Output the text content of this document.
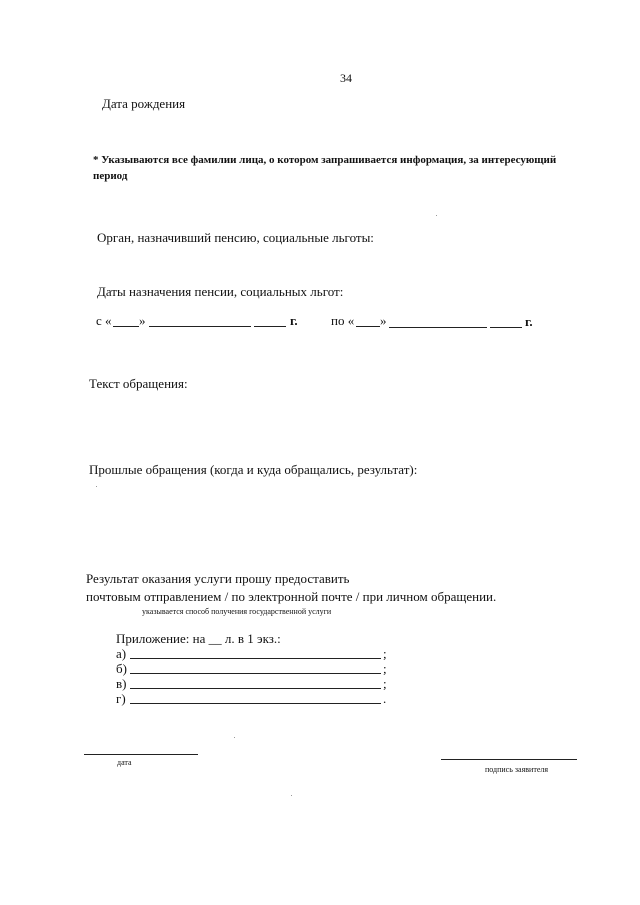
34
Дата рождения
* Указываются все фамилии лица, о котором запрашивается информация, за интересующий
период
Орган, назначивший пенсию, социальные льготы:
Даты назначения пенсии, социальных льгот:
с « »	г.	по « »	г.
Текст обращения:
Прошлые обращения (когда и куда обращались, результат):
Результат оказания услуги прошу предоставить
почтовым отправлением / по электронной почте / при личном обращении.
указывается способ получения государственной услуги
Приложение: на __ л. в 1 экз.:
а)	;
б)	;
в)	;
г)	.
дата
подпись заявителя
